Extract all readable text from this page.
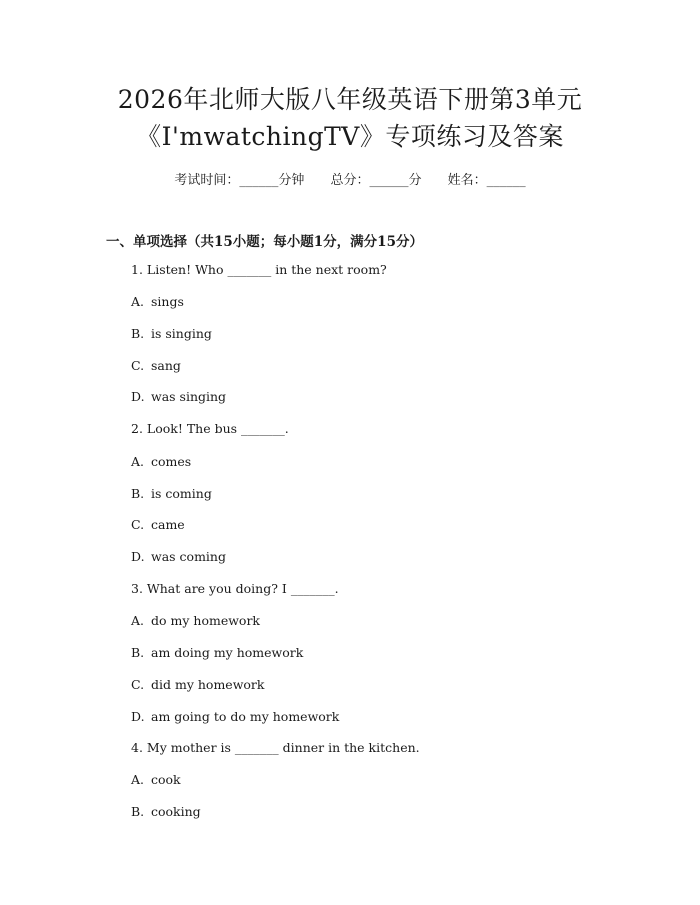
2026年北师大版八年级英语下册第3单元
《I'mwatchingTV》专项练习及答案
考试时间：______分钟 总分：______分 姓名：______
一、单项选择（共15小题；每小题1分，满分15分）
1. Listen! Who _______ in the next room?
A. sings
B. is singing
C. sang
D. was singing
2. Look! The bus _______.
A. comes
B. is coming
C. came
D. was coming
3. What are you doing? I _______.
A. do my homework
B. am doing my homework
C. did my homework
D. am going to do my homework
4. My mother is _______ dinner in the kitchen.
A. cook
B. cooking
